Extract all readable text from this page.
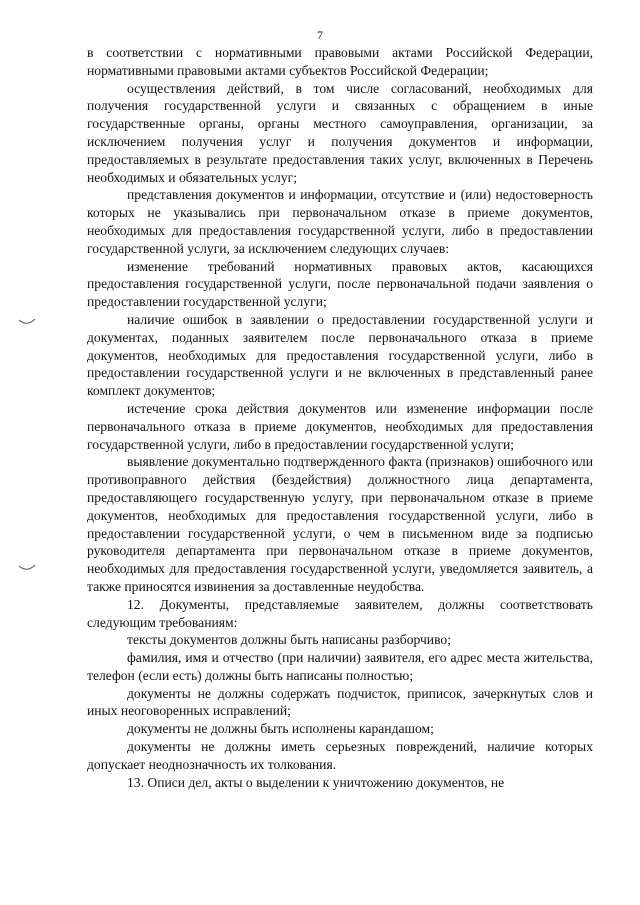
7

в соответствии с нормативными правовыми актами Российской Федерации, нормативными правовыми актами субъектов Российской Федерации;

осуществления действий, в том числе согласований, необходимых для получения государственной услуги и связанных с обращением в иные государственные органы, органы местного самоуправления, организации, за исключением получения услуг и получения документов и информации, предоставляемых в результате предоставления таких услуг, включенных в Перечень необходимых и обязательных услуг;

представления документов и информации, отсутствие и (или) недостоверность которых не указывались при первоначальном отказе в приеме документов, необходимых для предоставления государственной услуги, либо в предоставлении государственной услуги, за исключением следующих случаев:

изменение требований нормативных правовых актов, касающихся предоставления государственной услуги, после первоначальной подачи заявления о предоставлении государственной услуги;

наличие ошибок в заявлении о предоставлении государственной услуги и документах, поданных заявителем после первоначального отказа в приеме документов, необходимых для предоставления государственной услуги, либо в предоставлении государственной услуги и не включенных в представленный ранее комплект документов;

истечение срока действия документов или изменение информации после первоначального отказа в приеме документов, необходимых для предоставления государственной услуги, либо в предоставлении государственной услуги;

выявление документально подтвержденного факта (признаков) ошибочного или противоправного действия (бездействия) должностного лица департамента, предоставляющего государственную услугу, при первоначальном отказе в приеме документов, необходимых для предоставления государственной услуги, либо в предоставлении государственной услуги, о чем в письменном виде за подписью руководителя департамента при первоначальном отказе в приеме документов, необходимых для предоставления государственной услуги, уведомляется заявитель, а также приносятся извинения за доставленные неудобства.

12. Документы, представляемые заявителем, должны соответствовать следующим требованиям:

тексты документов должны быть написаны разборчиво;

фамилия, имя и отчество (при наличии) заявителя, его адрес места жительства, телефон (если есть) должны быть написаны полностью;

документы не должны содержать подчисток, приписок, зачеркнутых слов и иных неоговоренных исправлений;

документы не должны быть исполнены карандашом;

документы не должны иметь серьезных повреждений, наличие которых допускает неоднозначность их толкования.

13. Описи дел, акты о выделении к уничтожению документов, не
